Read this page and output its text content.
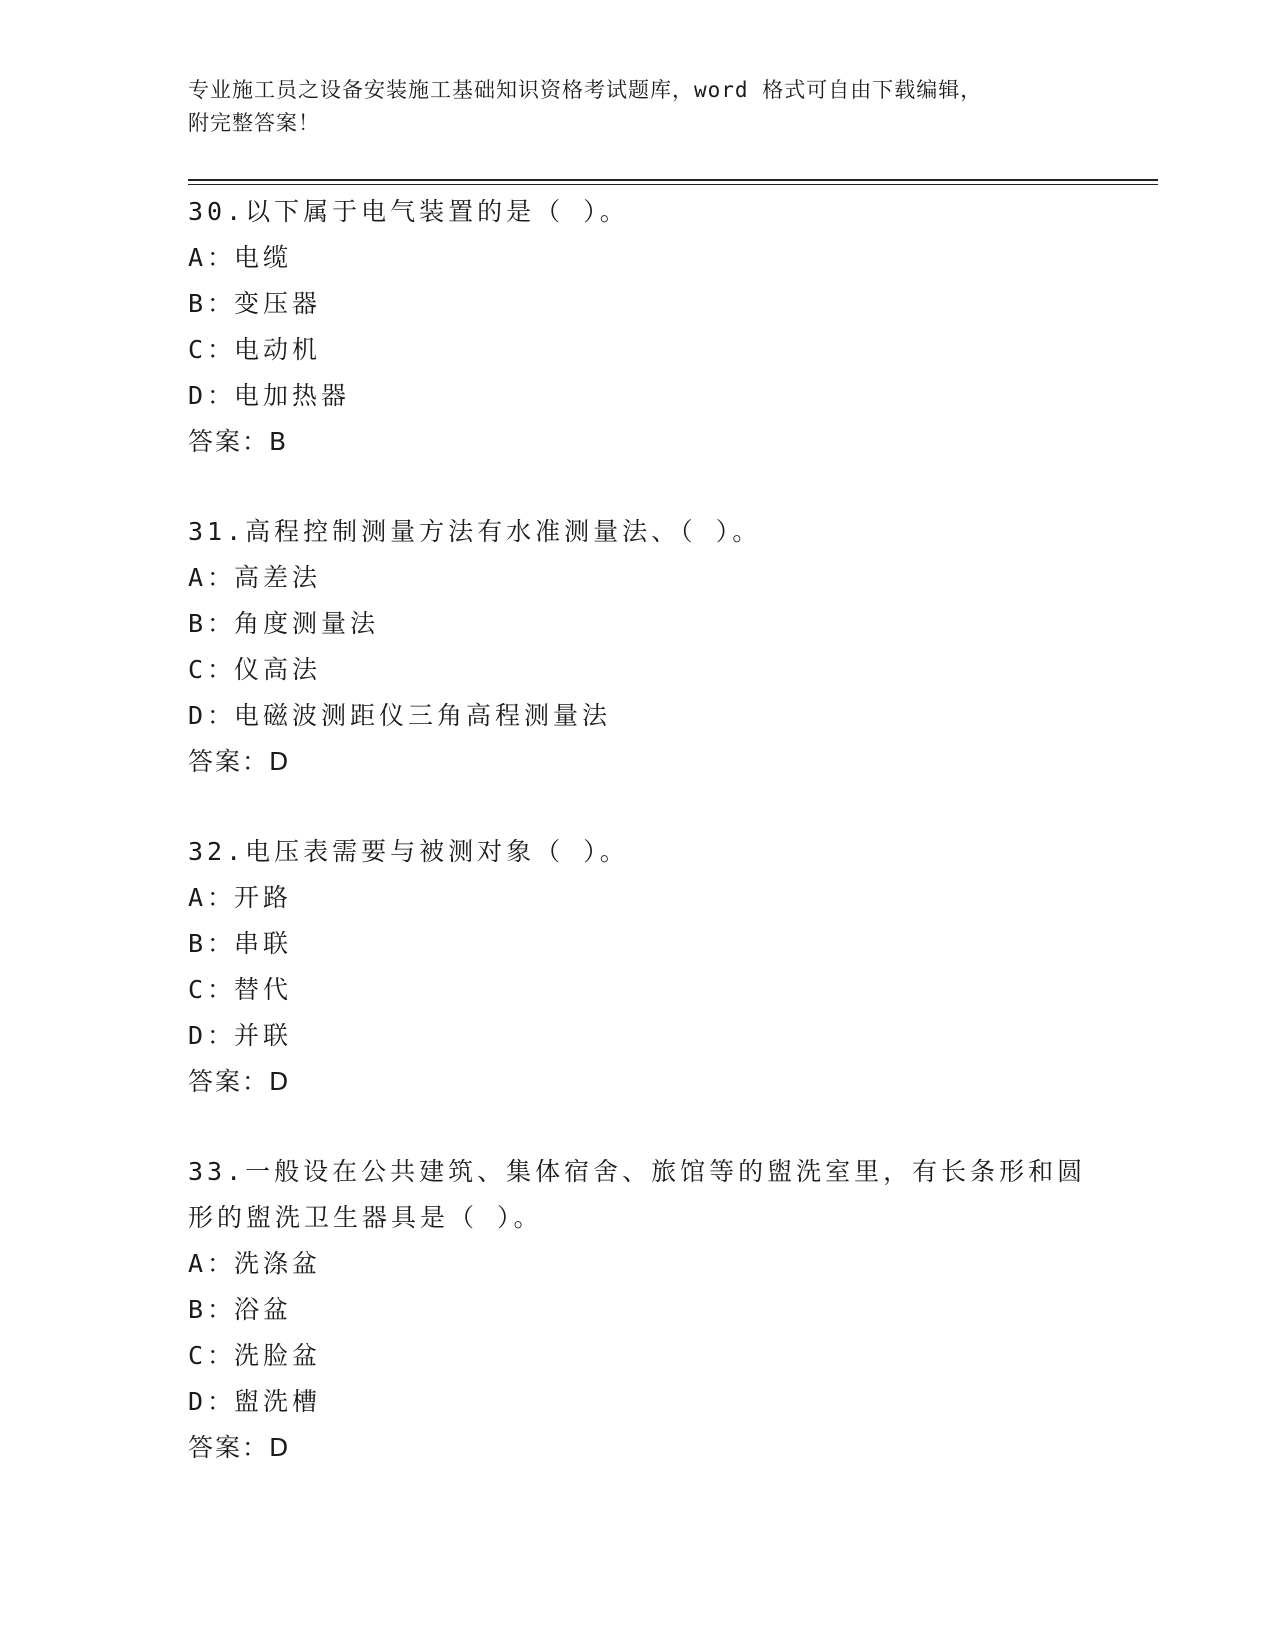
专业施工员之设备安装施工基础知识资格考试题库，word 格式可自由下载编辑，
附完整答案！
30.以下属于电气装置的是（ ）。
A：电缆
B：变压器
C：电动机
D：电加热器
答案：B
31.高程控制测量方法有水准测量法、（ ）。
A：高差法
B：角度测量法
C：仪高法
D：电磁波测距仪三角高程测量法
答案：D
32.电压表需要与被测对象（ ）。
A：开路
B：串联
C：替代
D：并联
答案：D
33.一般设在公共建筑、集体宿舍、旅馆等的盥洗室里，有长条形和圆形的盥洗卫生器具是（ ）。
A：洗涤盆
B：浴盆
C：洗脸盆
D：盥洗槽
答案：D
